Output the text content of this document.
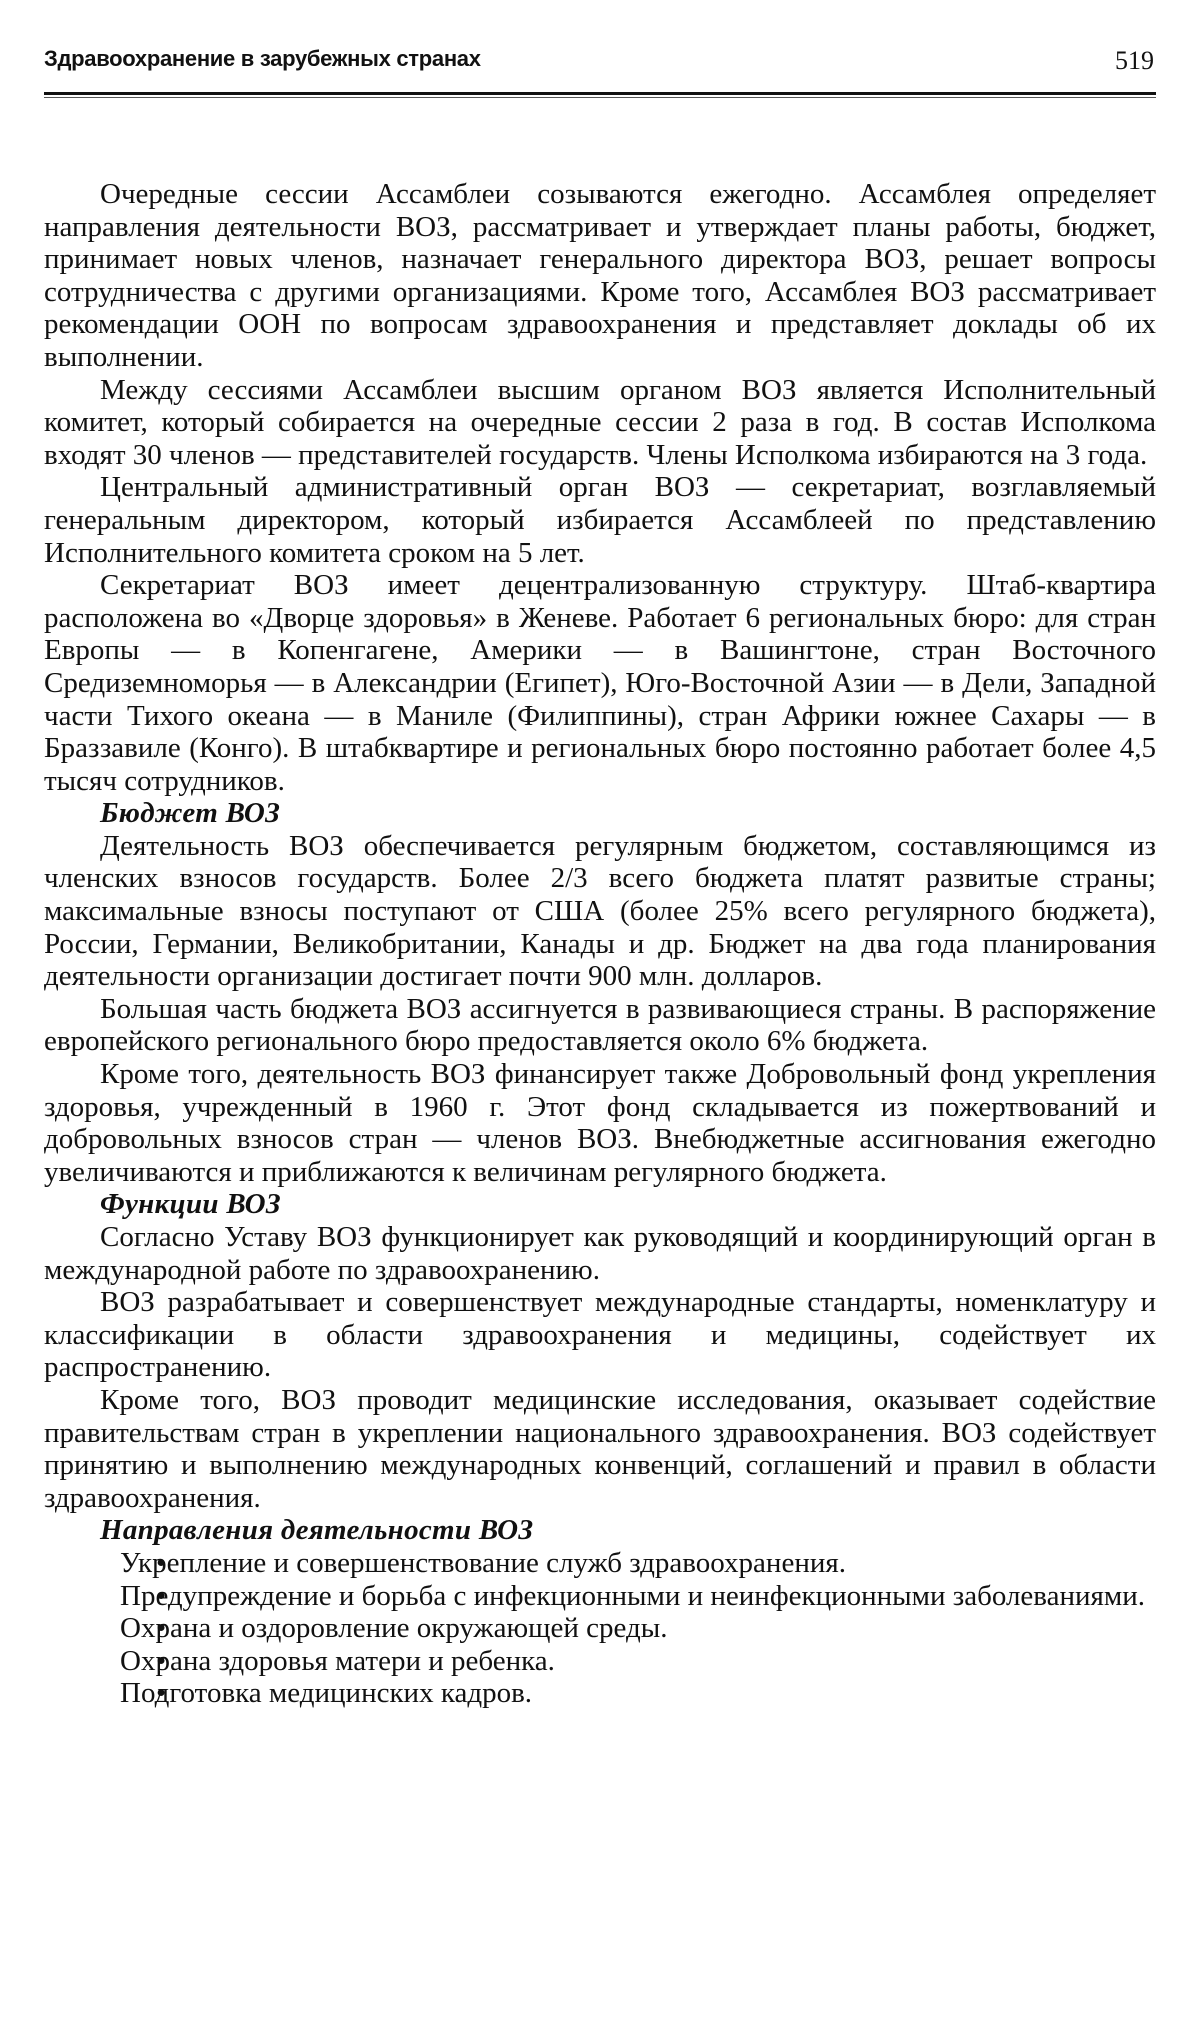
Здравоохранение в зарубежных странах	519

Очередные сессии Ассамблеи созываются ежегодно. Ассамблея определяет направления деятельности ВОЗ, рассматривает и утверждает планы работы, бюджет, принимает новых членов, назначает генерального директора ВОЗ, решает вопросы сотрудничества с другими организациями. Кроме того, Ассамблея ВОЗ рассматривает рекомендации ООН по вопросам здравоохранения и представляет доклады об их выполнении.

Между сессиями Ассамблеи высшим органом ВОЗ является Исполнительный комитет, который собирается на очередные сессии 2 раза в год. В состав Исполкома входят 30 членов — представителей государств. Члены Исполкома избираются на 3 года.

Центральный административный орган ВОЗ — секретариат, возглавляемый генеральным директором, который избирается Ассамблеей по представлению Исполнительного комитета сроком на 5 лет.

Секретариат ВОЗ имеет децентрализованную структуру. Штаб-квартира расположена во «Дворце здоровья» в Женеве. Работает 6 региональных бюро: для стран Европы — в Копенгагене, Америки — в Вашингтоне, стран Восточного Средиземноморья — в Александрии (Египет), Юго-Восточной Азии — в Дели, Западной части Тихого океана — в Маниле (Филиппины), стран Африки южнее Сахары — в Браззавиле (Конго). В штабквартире и региональных бюро постоянно работает более 4,5 тысяч сотрудников.

Бюджет ВОЗ

Деятельность ВОЗ обеспечивается регулярным бюджетом, составляющимся из членских взносов государств. Более 2/3 всего бюджета платят развитые страны; максимальные взносы поступают от США (более 25% всего регулярного бюджета), России, Германии, Великобритании, Канады и др. Бюджет на два года планирования деятельности организации достигает почти 900 млн. долларов.

Большая часть бюджета ВОЗ ассигнуется в развивающиеся страны. В распоряжение европейского регионального бюро предоставляется около 6% бюджета.

Кроме того, деятельность ВОЗ финансирует также Добровольный фонд укрепления здоровья, учрежденный в 1960 г. Этот фонд складывается из пожертвований и добровольных взносов стран — членов ВОЗ. Внебюджетные ассигнования ежегодно увеличиваются и приближаются к величинам регулярного бюджета.

Функции ВОЗ

Согласно Уставу ВОЗ функционирует как руководящий и координирующий орган в международной работе по здравоохранению.

ВОЗ разрабатывает и совершенствует международные стандарты, номенклатуру и классификации в области здравоохранения и медицины, содействует их распространению.

Кроме того, ВОЗ проводит медицинские исследования, оказывает содействие правительствам стран в укреплении национального здравоохранения. ВОЗ содействует принятию и выполнению международных конвенций, соглашений и правил в области здравоохранения.

Направления деятельности ВОЗ
Укрепление и совершенствование служб здравоохранения.
Предупреждение и борьба с инфекционными и неинфекционными заболеваниями.
Охрана и оздоровление окружающей среды.
Охрана здоровья матери и ребенка.
Подготовка медицинских кадров.
